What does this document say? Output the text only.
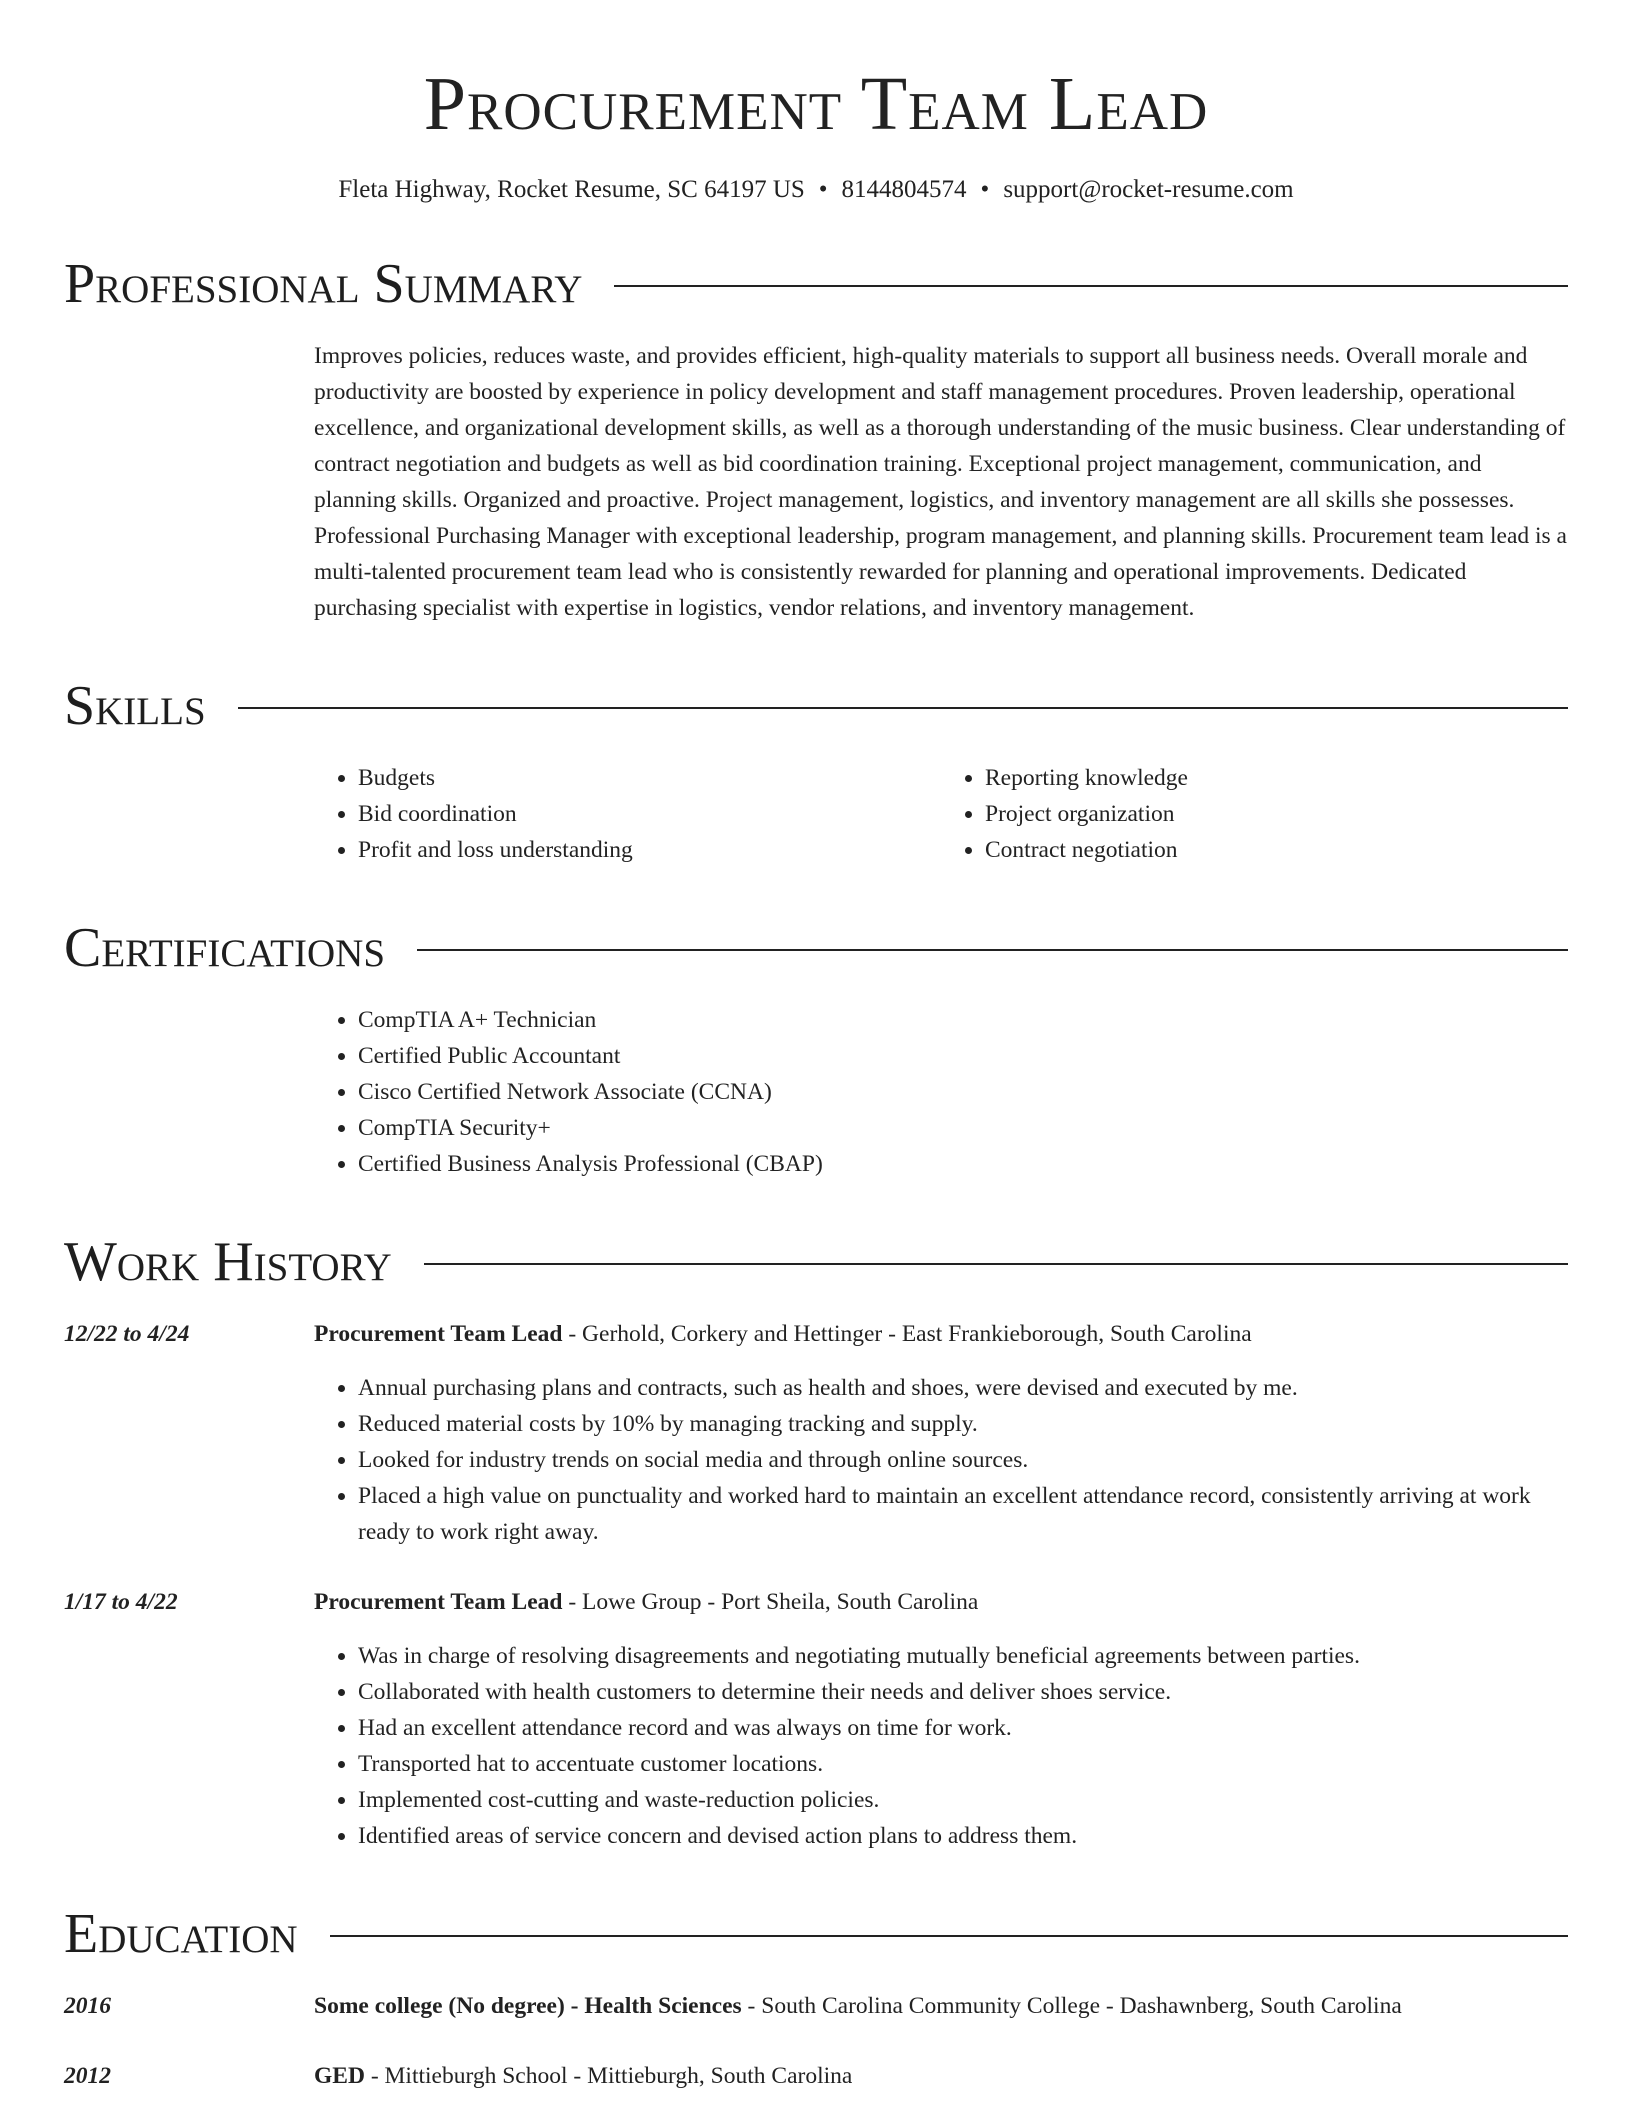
Procurement Team Lead
Fleta Highway, Rocket Resume, SC 64197 US • 8144804574 • support@rocket-resume.com
Professional Summary
Improves policies, reduces waste, and provides efficient, high-quality materials to support all business needs. Overall morale and productivity are boosted by experience in policy development and staff management procedures. Proven leadership, operational excellence, and organizational development skills, as well as a thorough understanding of the music business. Clear understanding of contract negotiation and budgets as well as bid coordination training. Exceptional project management, communication, and planning skills. Organized and proactive. Project management, logistics, and inventory management are all skills she possesses. Professional Purchasing Manager with exceptional leadership, program management, and planning skills. Procurement team lead is a multi-talented procurement team lead who is consistently rewarded for planning and operational improvements. Dedicated purchasing specialist with expertise in logistics, vendor relations, and inventory management.
Skills
• Budgets
• Bid coordination
• Profit and loss understanding
• Reporting knowledge
• Project organization
• Contract negotiation
Certifications
• CompTIA A+ Technician
• Certified Public Accountant
• Cisco Certified Network Associate (CCNA)
• CompTIA Security+
• Certified Business Analysis Professional (CBAP)
Work History
12/22 to 4/24	Procurement Team Lead - Gerhold, Corkery and Hettinger - East Frankieborough, South Carolina
• Annual purchasing plans and contracts, such as health and shoes, were devised and executed by me.
• Reduced material costs by 10% by managing tracking and supply.
• Looked for industry trends on social media and through online sources.
• Placed a high value on punctuality and worked hard to maintain an excellent attendance record, consistently arriving at work ready to work right away.
1/17 to 4/22	Procurement Team Lead - Lowe Group - Port Sheila, South Carolina
• Was in charge of resolving disagreements and negotiating mutually beneficial agreements between parties.
• Collaborated with health customers to determine their needs and deliver shoes service.
• Had an excellent attendance record and was always on time for work.
• Transported hat to accentuate customer locations.
• Implemented cost-cutting and waste-reduction policies.
• Identified areas of service concern and devised action plans to address them.
Education
2016	Some college (No degree) - Health Sciences - South Carolina Community College - Dashawnberg, South Carolina
2012	GED - Mittieburgh School - Mittieburgh, South Carolina
